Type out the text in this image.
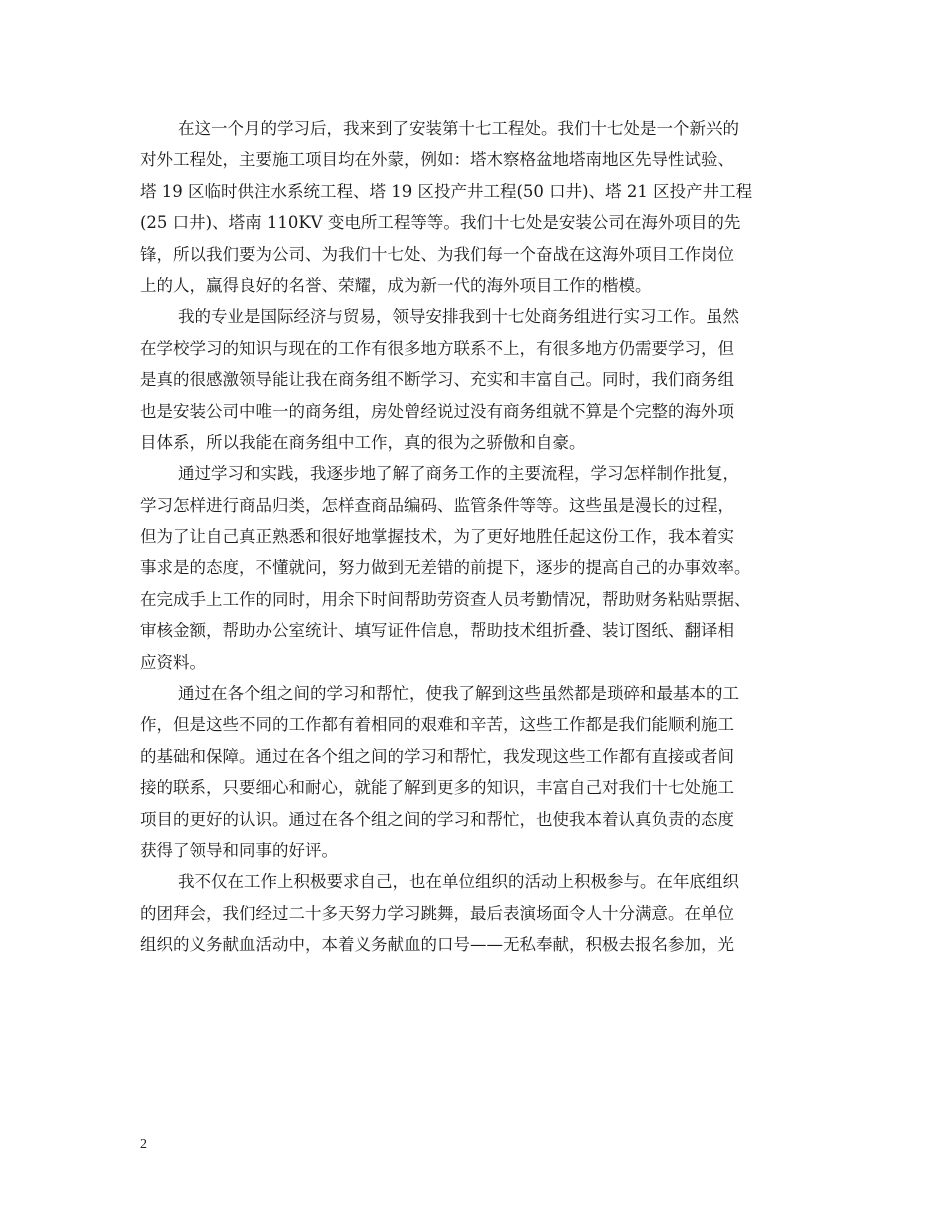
在这一个月的学习后，我来到了安装第十七工程处。我们十七处是一个新兴的
对外工程处，主要施工项目均在外蒙，例如：塔木察格盆地塔南地区先导性试验、
塔 19 区临时供注水系统工程、塔 19 区投产井工程(50 口井)、塔 21 区投产井工程
(25 口井)、塔南 110KV 变电所工程等等。我们十七处是安装公司在海外项目的先
锋，所以我们要为公司、为我们十七处、为我们每一个奋战在这海外项目工作岗位
上的人，赢得良好的名誉、荣耀，成为新一代的海外项目工作的楷模。
我的专业是国际经济与贸易，领导安排我到十七处商务组进行实习工作。虽然
在学校学习的知识与现在的工作有很多地方联系不上，有很多地方仍需要学习，但
是真的很感激领导能让我在商务组不断学习、充实和丰富自己。同时，我们商务组
也是安装公司中唯一的商务组，房处曾经说过没有商务组就不算是个完整的海外项
目体系，所以我能在商务组中工作，真的很为之骄傲和自豪。
通过学习和实践，我逐步地了解了商务工作的主要流程，学习怎样制作批复，
学习怎样进行商品归类，怎样查商品编码、监管条件等等。这些虽是漫长的过程，
但为了让自己真正熟悉和很好地掌握技术，为了更好地胜任起这份工作，我本着实
事求是的态度，不懂就问，努力做到无差错的前提下，逐步的提高自己的办事效率。
在完成手上工作的同时，用余下时间帮助劳资查人员考勤情况，帮助财务粘贴票据、
审核金额，帮助办公室统计、填写证件信息，帮助技术组折叠、装订图纸、翻译相
应资料。
通过在各个组之间的学习和帮忙，使我了解到这些虽然都是琐碎和最基本的工
作，但是这些不同的工作都有着相同的艰难和辛苦，这些工作都是我们能顺利施工
的基础和保障。通过在各个组之间的学习和帮忙，我发现这些工作都有直接或者间
接的联系，只要细心和耐心，就能了解到更多的知识，丰富自己对我们十七处施工
项目的更好的认识。通过在各个组之间的学习和帮忙，也使我本着认真负责的态度
获得了领导和同事的好评。
我不仅在工作上积极要求自己，也在单位组织的活动上积极参与。在年底组织
的团拜会，我们经过二十多天努力学习跳舞，最后表演场面令人十分满意。在单位
组织的义务献血活动中，本着义务献血的口号——无私奉献，积极去报名参加，光
2
